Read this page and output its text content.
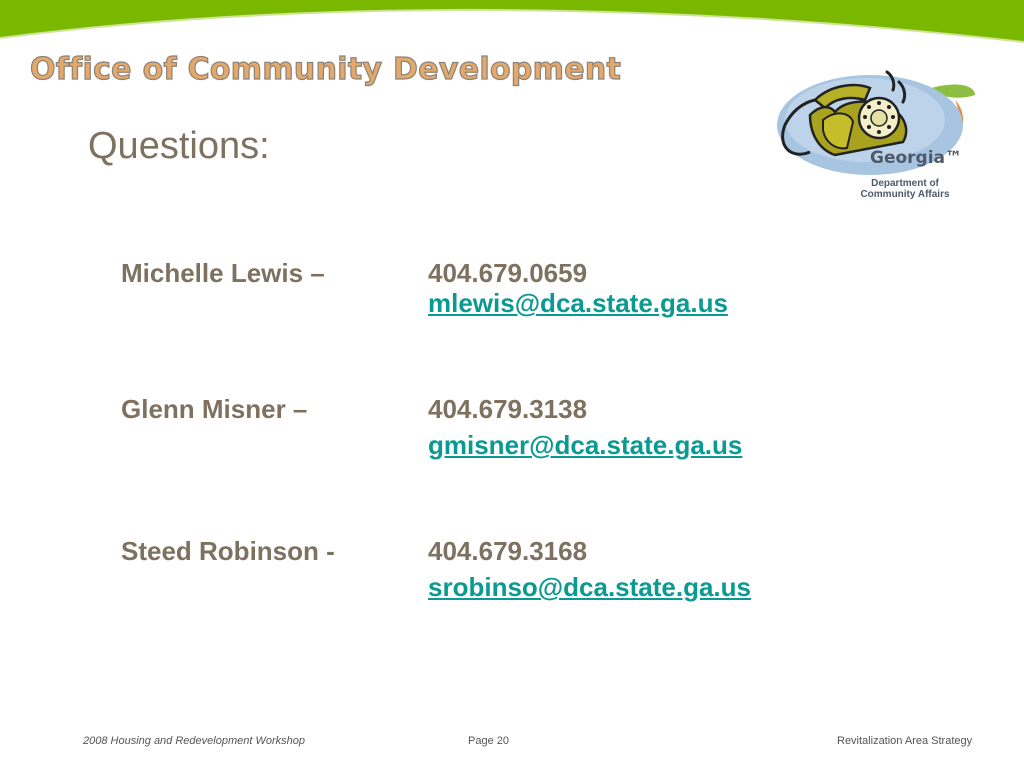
Office of Community Development
Questions:
Michelle Lewis –	404.679.0659
mlewis@dca.state.ga.us
Glenn Misner –	404.679.3138
gmisner@dca.state.ga.us
Steed Robinson -	404.679.3168
srobinso@dca.state.ga.us
Georgia™
Department of
Community Affairs
2008 Housing and Redevelopment Workshop	Page 20	Revitalization Area Strategy
